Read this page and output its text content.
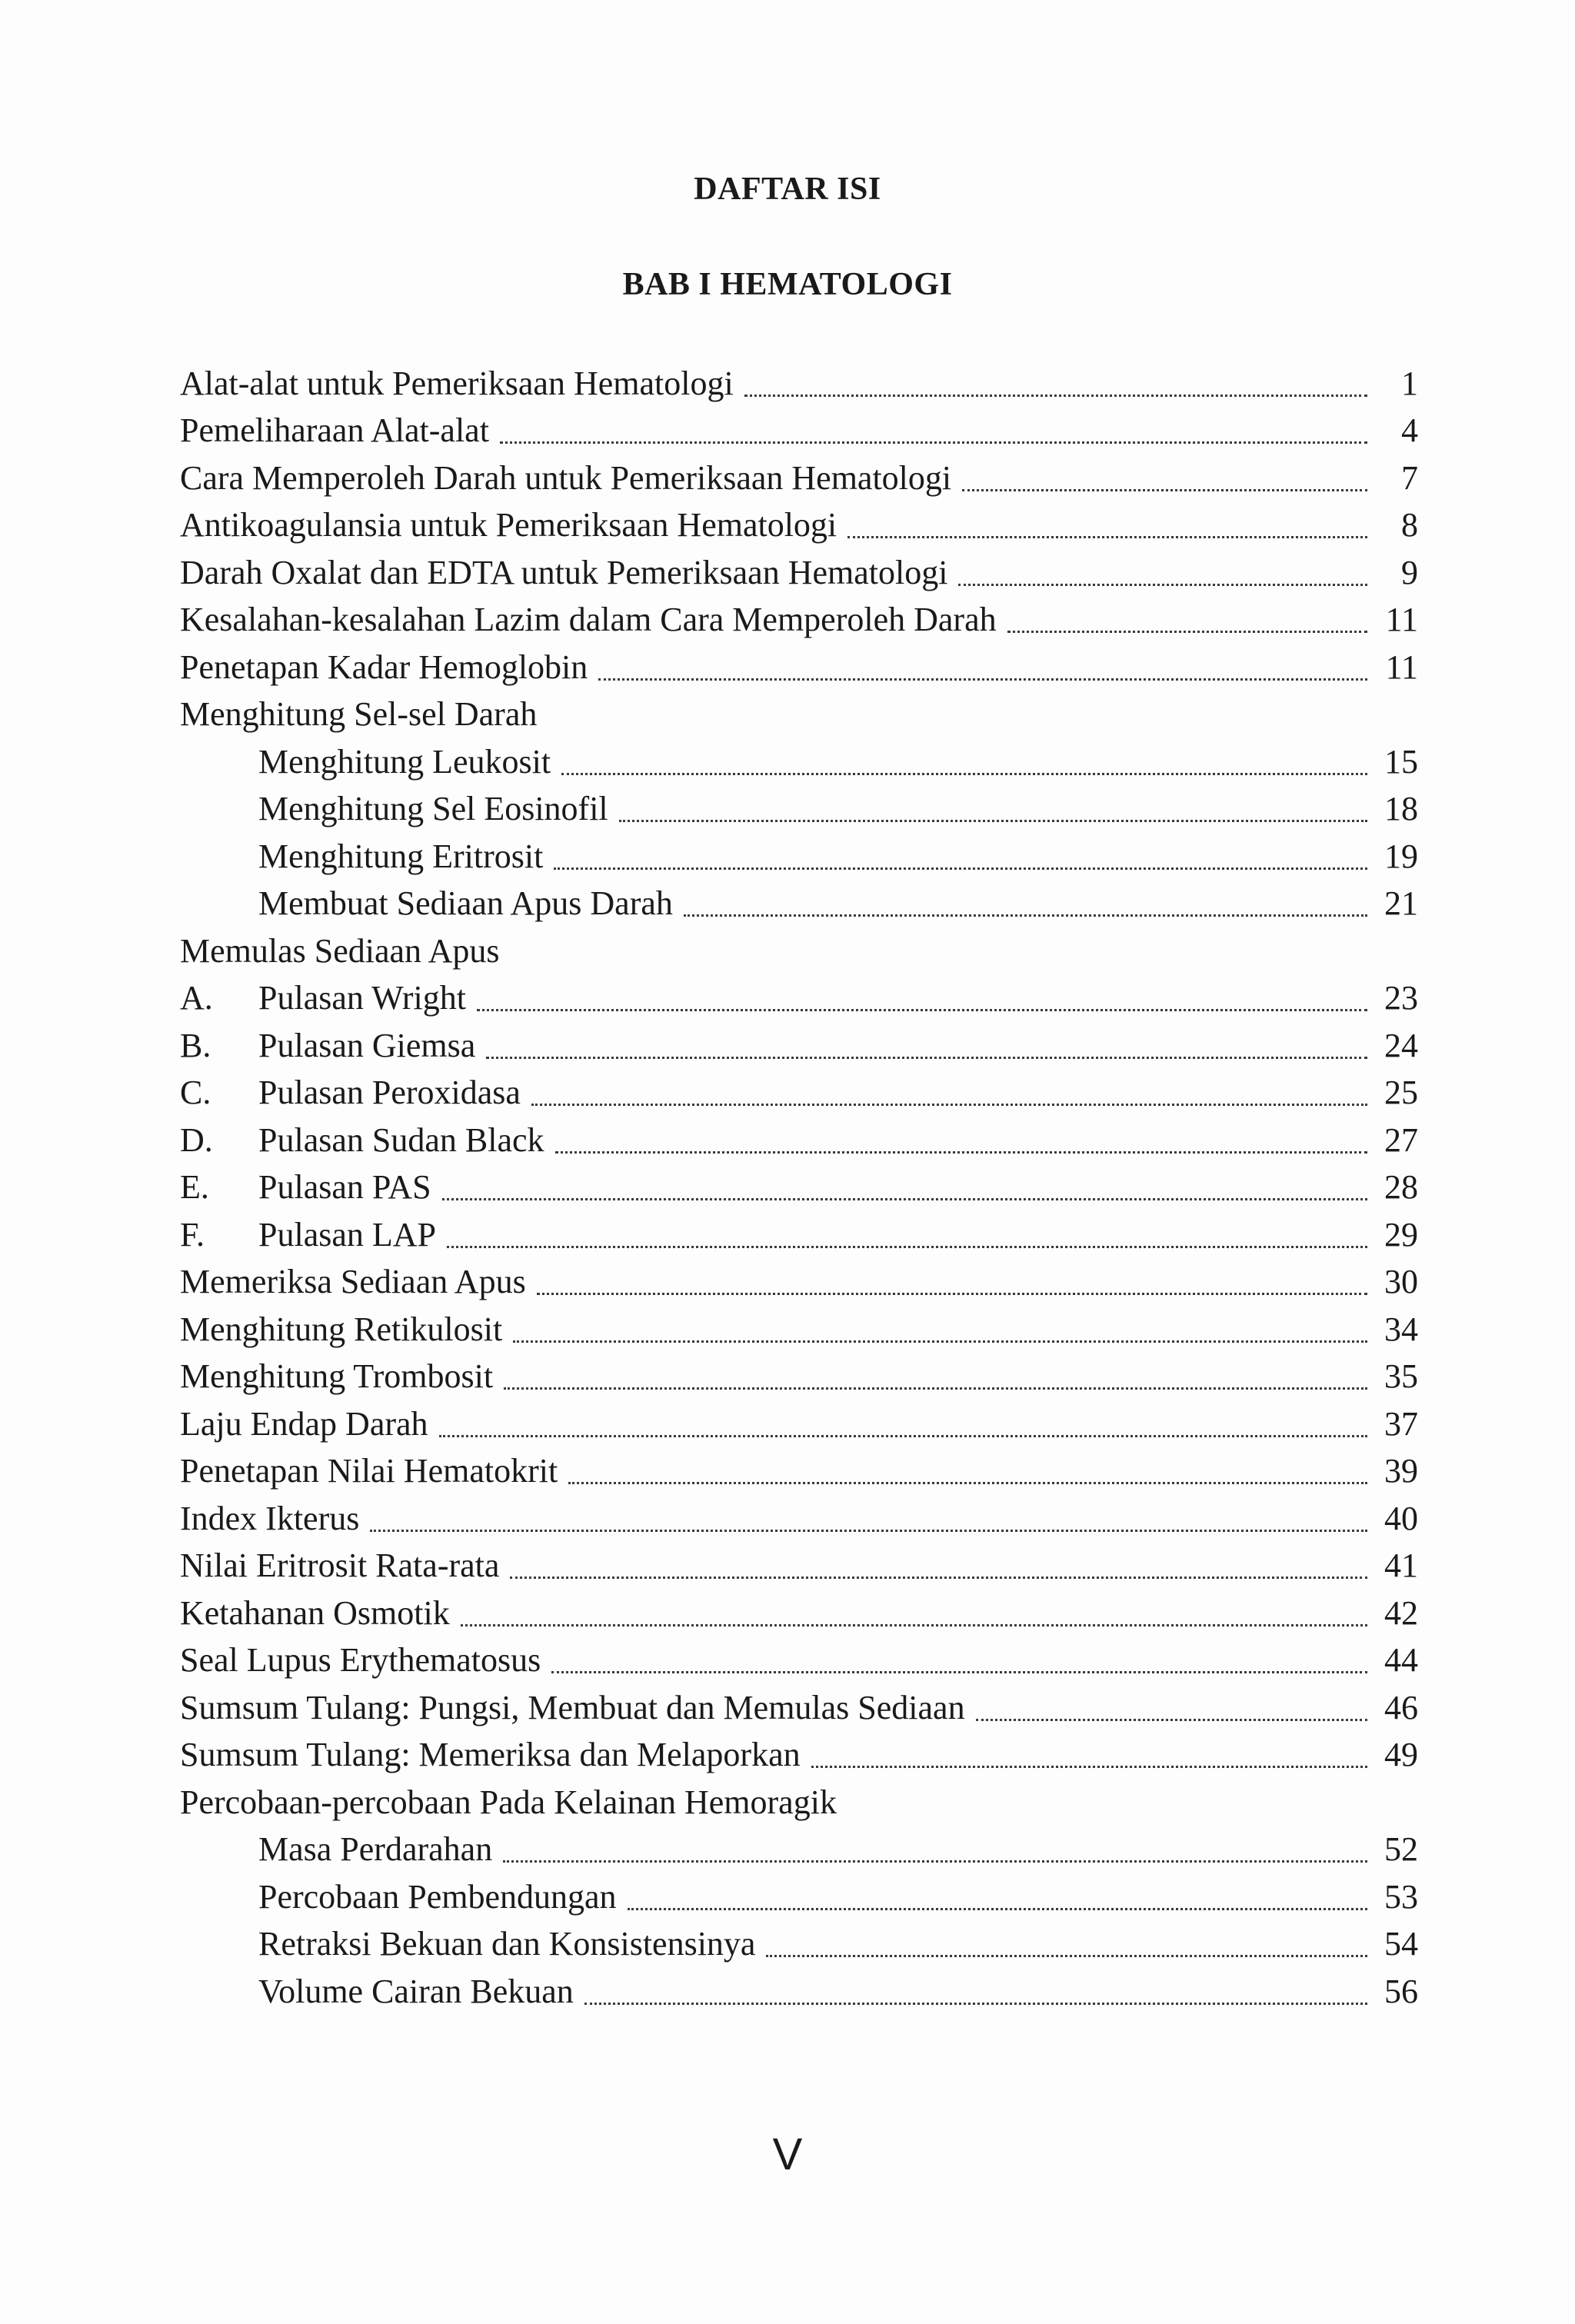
DAFTAR ISI
BAB I HEMATOLOGI
Alat-alat untuk Pemeriksaan Hematologi	1
Pemeliharaan Alat-alat	4
Cara Memperoleh Darah untuk Pemeriksaan Hematologi	7
Antikoagulansia untuk Pemeriksaan Hematologi	8
Darah Oxalat dan EDTA untuk Pemeriksaan Hematologi	9
Kesalahan-kesalahan Lazim dalam Cara Memperoleh Darah	11
Penetapan Kadar Hemoglobin	11
Menghitung Sel-sel Darah
Menghitung Leukosit	15
Menghitung Sel Eosinofil	18
Menghitung Eritrosit	19
Membuat Sediaan Apus Darah	21
Memulas Sediaan Apus
A.	Pulasan Wright	23
B.	Pulasan Giemsa	24
C.	Pulasan Peroxidasa	25
D.	Pulasan Sudan Black	27
E.	Pulasan PAS	28
F.	Pulasan LAP	29
Memeriksa Sediaan Apus	30
Menghitung Retikulosit	34
Menghitung Trombosit	35
Laju Endap Darah	37
Penetapan Nilai Hematokrit	39
Index Ikterus	40
Nilai Eritrosit Rata-rata	41
Ketahanan Osmotik	42
Seal Lupus Erythematosus	44
Sumsum Tulang: Pungsi, Membuat dan Memulas Sediaan	46
Sumsum Tulang: Memeriksa dan Melaporkan	49
Percobaan-percobaan Pada Kelainan Hemoragik
Masa Perdarahan	52
Percobaan Pembendungan	53
Retraksi Bekuan dan Konsistensinya	54
Volume Cairan Bekuan	56
V
